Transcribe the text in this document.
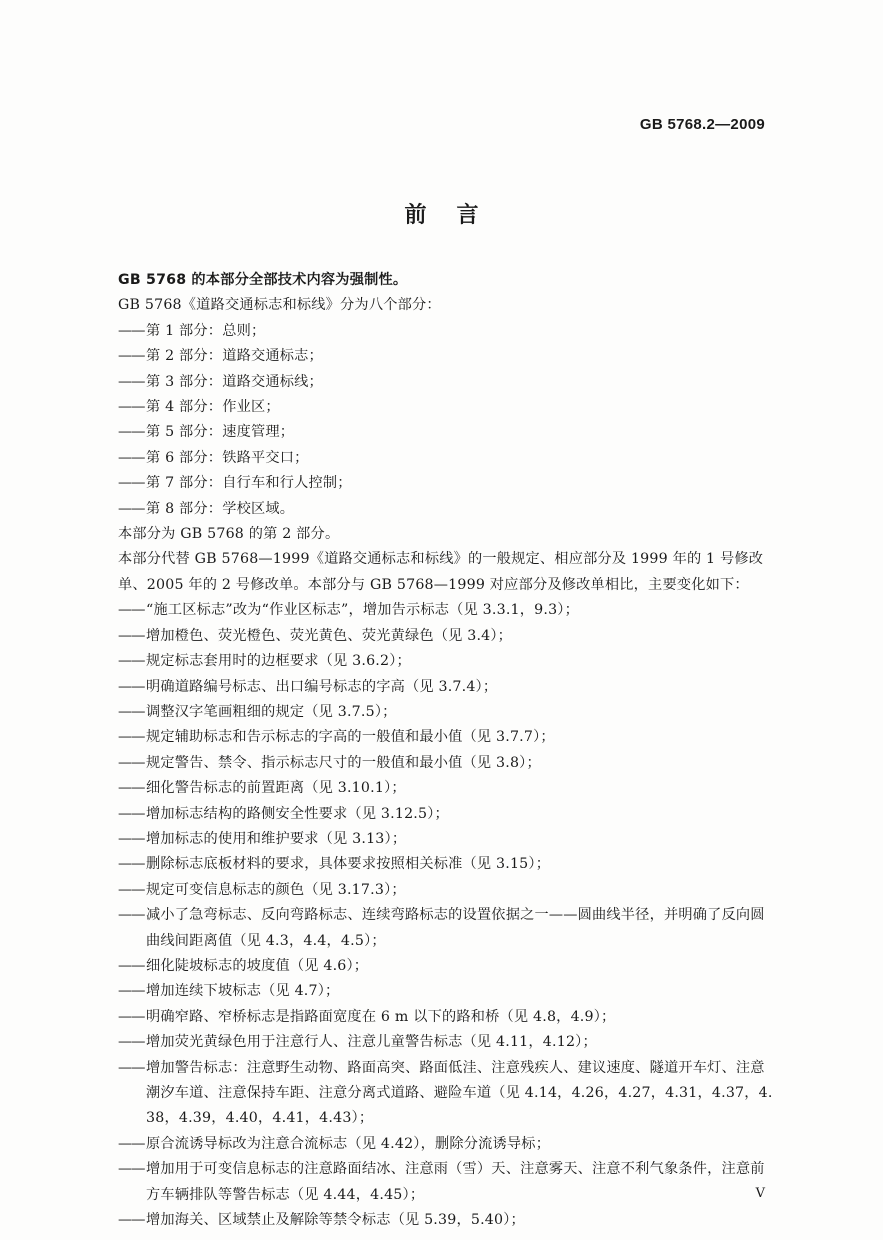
GB 5768.2—2009
前言

GB 5768 的本部分全部技术内容为强制性。

GB 5768《道路交通标志和标线》分为八个部分：

—— 第 1 部分：总则；
—— 第 2 部分：道路交通标志；
—— 第 3 部分：道路交通标线；
—— 第 4 部分：作业区；
—— 第 5 部分：速度管理；
—— 第 6 部分：铁路平交口；
—— 第 7 部分：自行车和行人控制；
—— 第 8 部分：学校区域。

本部分为 GB 5768 的第 2 部分。

本部分代替 GB 5768—1999《道路交通标志和标线》的一般规定、相应部分及 1999 年的 1 号修改

单、2005 年的 2 号修改单。本部分与 GB 5768—1999 对应部分及修改单相比，主要变化如下：

—— “施工区标志”改为“作业区标志”，增加告示标志（见 3.3.1，9.3）；
—— 增加橙色、荧光橙色、荧光黄色、荧光黄绿色（见 3.4）；
—— 规定标志套用时的边框要求（见 3.6.2）；
—— 明确道路编号标志、出口编号标志的字高（见 3.7.4）；
—— 调整汉字笔画粗细的规定（见 3.7.5）；
—— 规定辅助标志和告示标志的字高的一般值和最小值（见 3.7.7）；
—— 规定警告、禁令、指示标志尺寸的一般值和最小值（见 3.8）；
—— 细化警告标志的前置距离（见 3.10.1）；
—— 增加标志结构的路侧安全性要求（见 3.12.5）；
—— 增加标志的使用和维护要求（见 3.13）；
—— 删除标志底板材料的要求，具体要求按照相关标准（见 3.15）；
—— 规定可变信息标志的颜色（见 3.17.3）；
—— 减小了急弯标志、反向弯路标志、连续弯路标志的设置依据之一——圆曲线半径，并明确了反向圆曲线间距离值（见 4.3，4.4，4.5）；
—— 细化陡坡标志的坡度值（见 4.6）；
—— 增加连续下坡标志（见 4.7）；
—— 明确窄路、窄桥标志是指路面宽度在 6 m 以下的路和桥（见 4.8，4.9）；
—— 增加荧光黄绿色用于注意行人、注意儿童警告标志（见 4.11，4.12）；
—— 增加警告标志：注意野生动物、路面高突、路面低洼、注意残疾人、建议速度、隧道开车灯、注意潮汐车道、注意保持车距、注意分离式道路、避险车道（见 4.14，4.26，4.27，4.31，4.37，4.38，4.39，4.40，4.41，4.43）；
—— 原合流诱导标改为注意合流标志（见 4.42），删除分流诱导标；
—— 增加用于可变信息标志的注意路面结冰、注意雨（雪）天、注意雾天、注意不利气象条件，注意前方车辆排队等警告标志（见 4.44，4.45）；
—— 增加海关、区域禁止及解除等禁令标志（见 5.39，5.40）；
V
